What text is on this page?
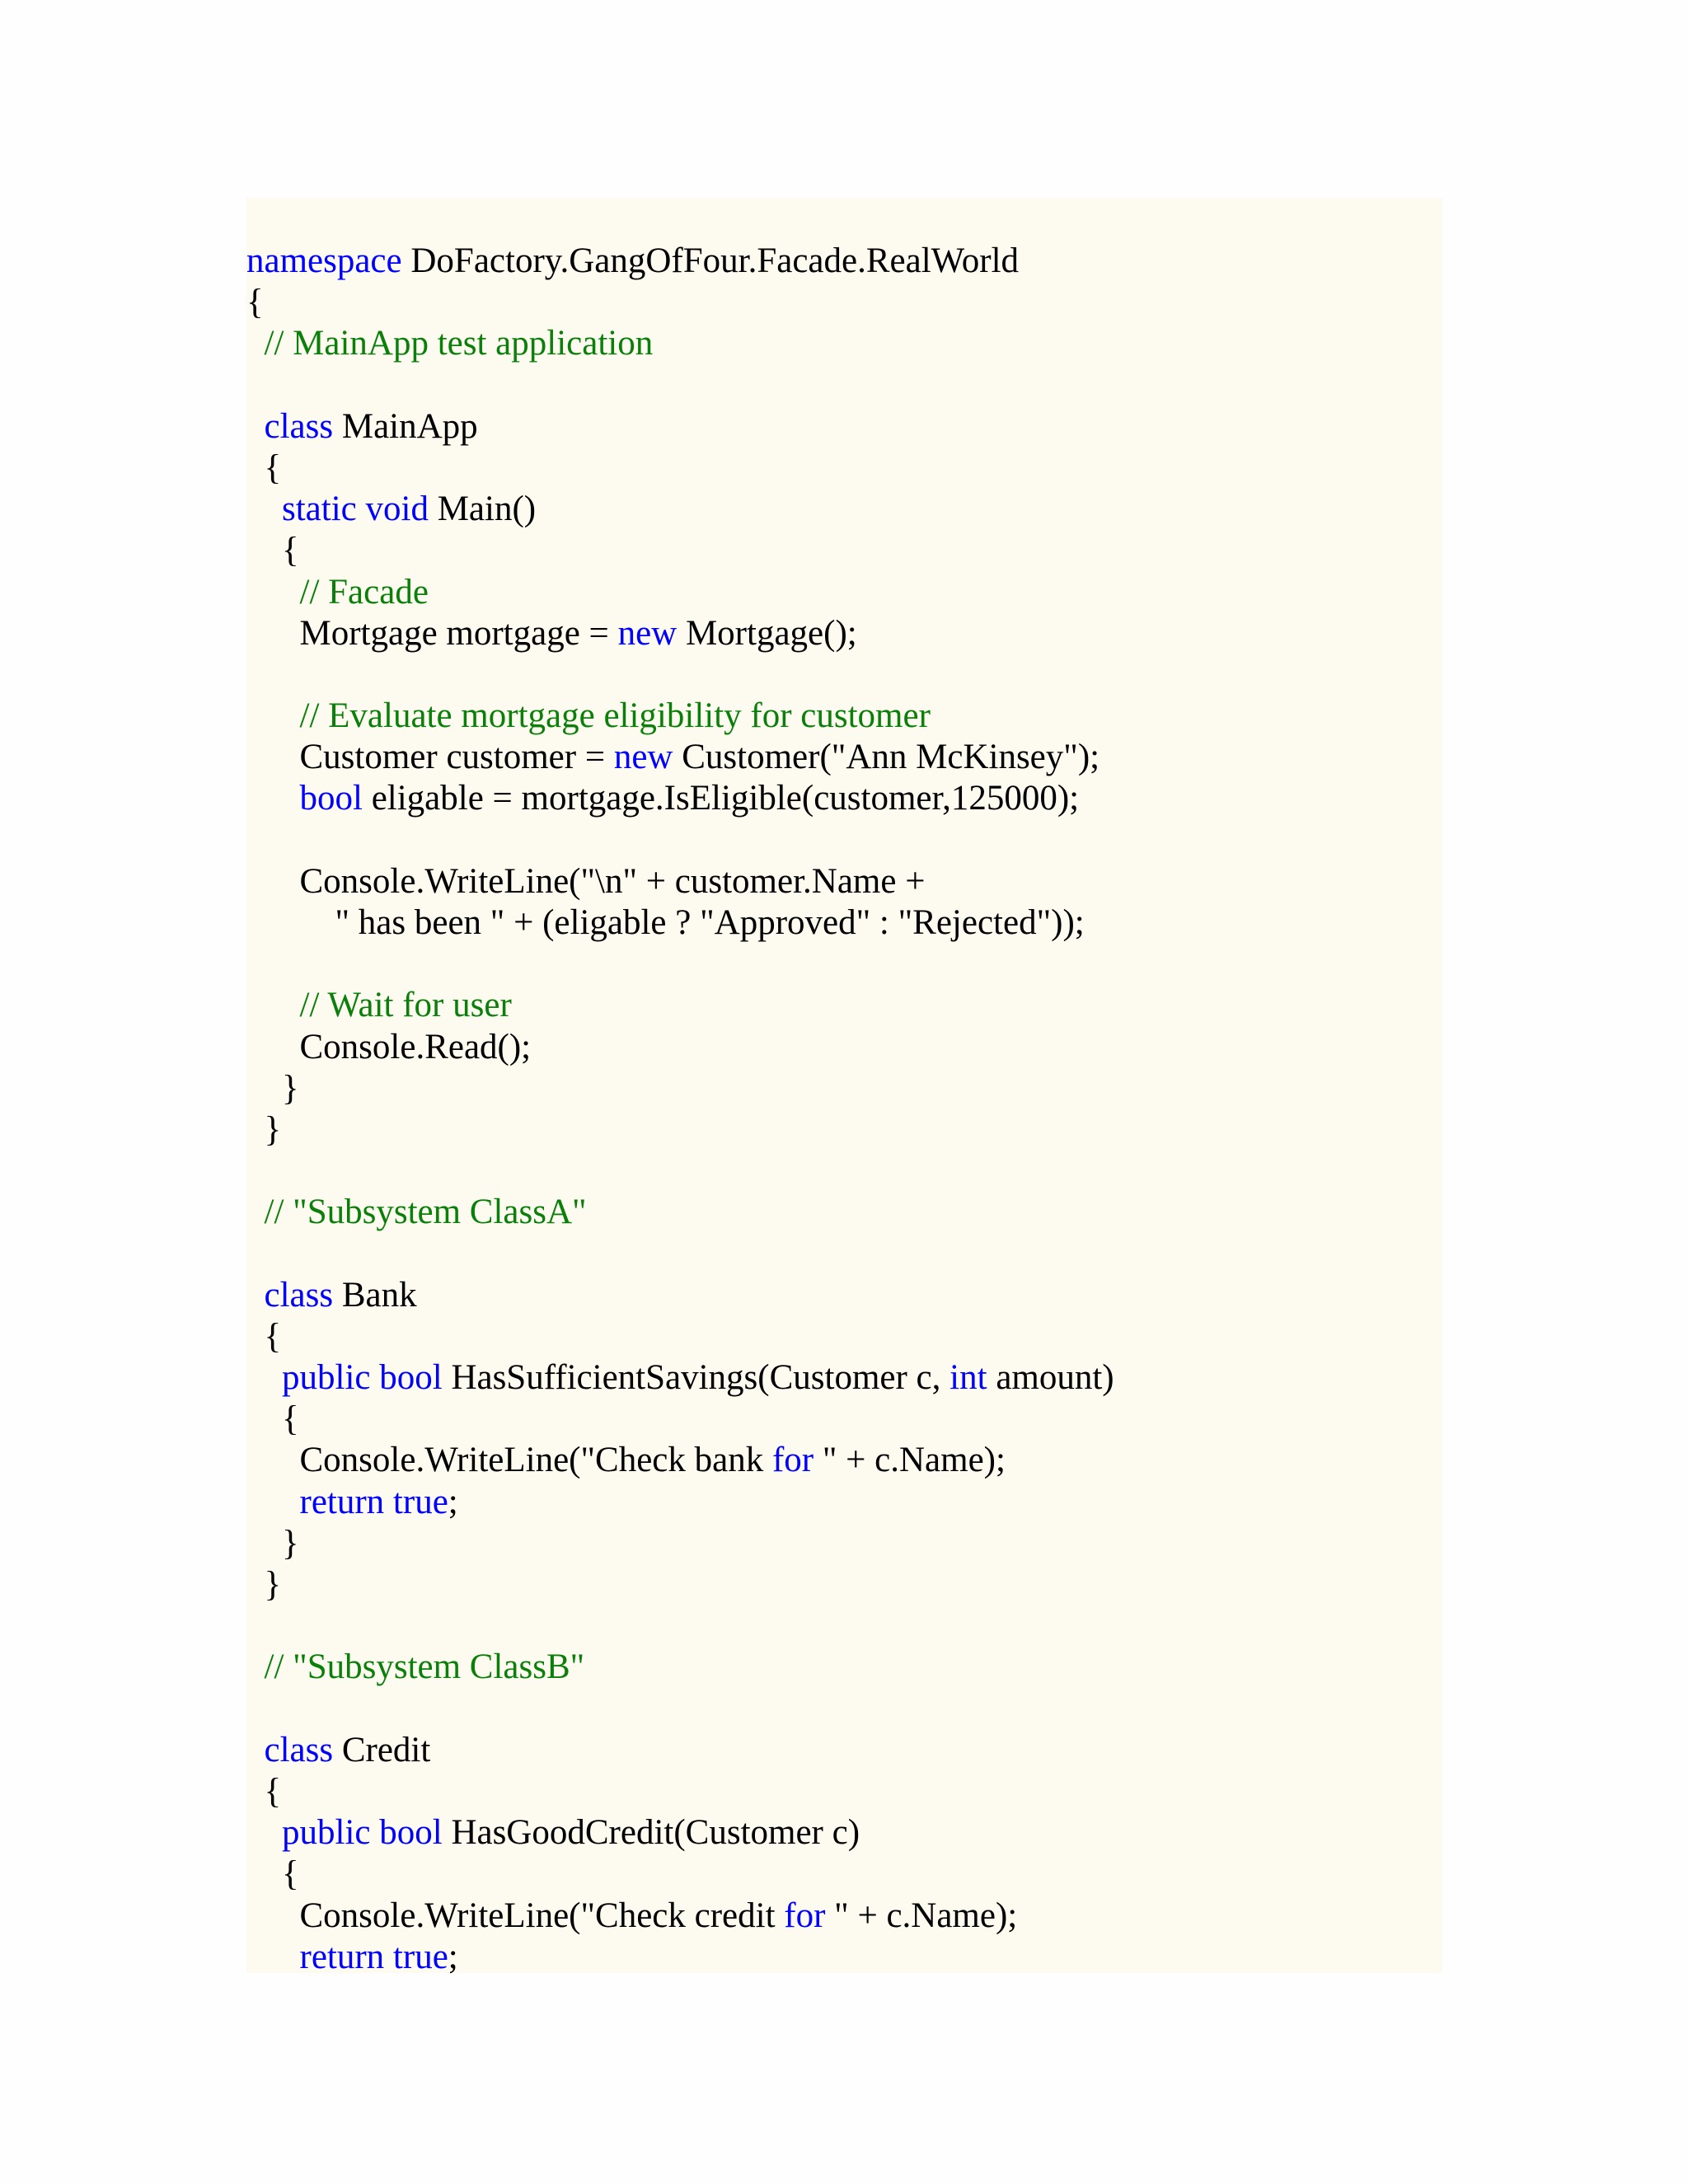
namespace DoFactory.GangOfFour.Facade.RealWorld
{
// MainApp test application
class MainApp
{
static void Main()
{
// Facade
Mortgage mortgage = new Mortgage();
// Evaluate mortgage eligibility for customer
Customer customer = new Customer("Ann McKinsey");
bool eligable = mortgage.IsEligible(customer,125000);
Console.WriteLine("\n" + customer.Name +
" has been " + (eligable ? "Approved" : "Rejected"));
// Wait for user
Console.Read();
}
}
// "Subsystem ClassA"
class Bank
{
public bool HasSufficientSavings(Customer c, int amount)
{
Console.WriteLine("Check bank for " + c.Name);
return true;
}
}
// "Subsystem ClassB"
class Credit
{
public bool HasGoodCredit(Customer c)
{
Console.WriteLine("Check credit for " + c.Name);
return true;
